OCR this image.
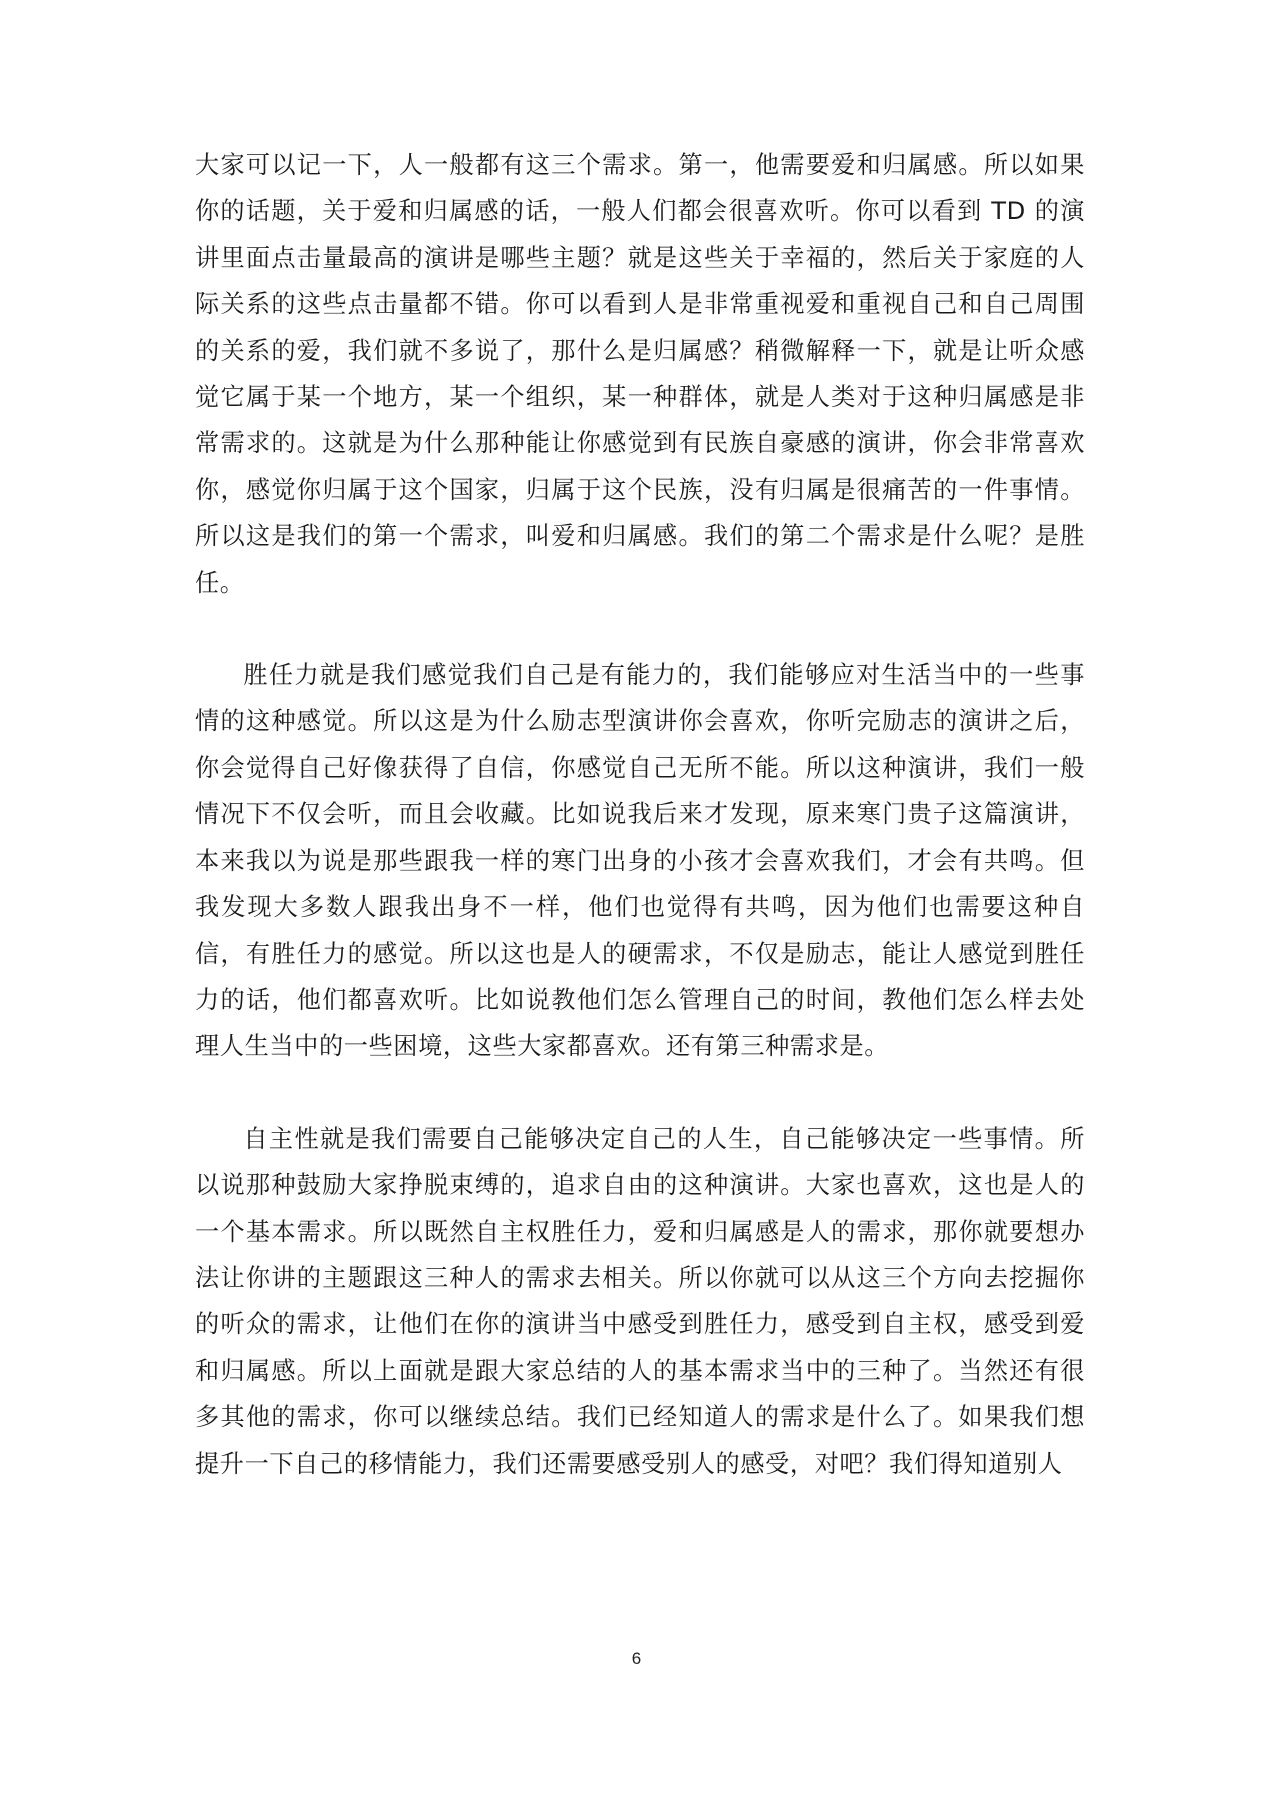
大家可以记一下，人一般都有这三个需求。第一，他需要爱和归属感。所以如果你的话题，关于爱和归属感的话，一般人们都会很喜欢听。你可以看到 TD 的演讲里面点击量最高的演讲是哪些主题？就是这些关于幸福的，然后关于家庭的人际关系的这些点击量都不错。你可以看到人是非常重视爱和重视自己和自己周围的关系的爱，我们就不多说了，那什么是归属感？稍微解释一下，就是让听众感觉它属于某一个地方，某一个组织，某一种群体，就是人类对于这种归属感是非常需求的。这就是为什么那种能让你感觉到有民族自豪感的演讲，你会非常喜欢你，感觉你归属于这个国家，归属于这个民族，没有归属是很痛苦的一件事情。所以这是我们的第一个需求，叫爱和归属感。我们的第二个需求是什么呢？是胜任。

胜任力就是我们感觉我们自己是有能力的，我们能够应对生活当中的一些事情的这种感觉。所以这是为什么励志型演讲你会喜欢，你听完励志的演讲之后，你会觉得自己好像获得了自信，你感觉自己无所不能。所以这种演讲，我们一般情况下不仅会听，而且会收藏。比如说我后来才发现，原来寒门贵子这篇演讲，本来我以为说是那些跟我一样的寒门出身的小孩才会喜欢我们，才会有共鸣。但我发现大多数人跟我出身不一样，他们也觉得有共鸣，因为他们也需要这种自信，有胜任力的感觉。所以这也是人的硬需求，不仅是励志，能让人感觉到胜任力的话，他们都喜欢听。比如说教他们怎么管理自己的时间，教他们怎么样去处理人生当中的一些困境，这些大家都喜欢。还有第三种需求是。

自主性就是我们需要自己能够决定自己的人生，自己能够决定一些事情。所以说那种鼓励大家挣脱束缚的，追求自由的这种演讲。大家也喜欢，这也是人的一个基本需求。所以既然自主权胜任力，爱和归属感是人的需求，那你就要想办法让你讲的主题跟这三种人的需求去相关。所以你就可以从这三个方向去挖掘你的听众的需求，让他们在你的演讲当中感受到胜任力，感受到自主权，感受到爱和归属感。所以上面就是跟大家总结的人的基本需求当中的三种了。当然还有很多其他的需求，你可以继续总结。我们已经知道人的需求是什么了。如果我们想提升一下自己的移情能力，我们还需要感受别人的感受，对吧？我们得知道别人

6
